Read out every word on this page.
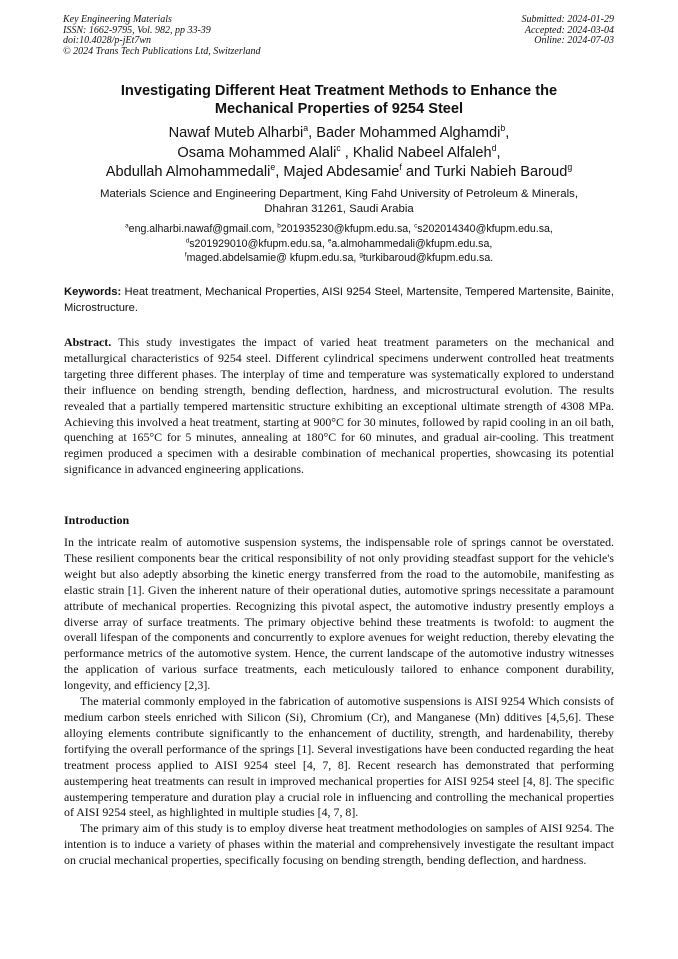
Key Engineering Materials
ISSN: 1662-9795, Vol. 982, pp 33-39
doi:10.4028/p-jEt7wn
© 2024 Trans Tech Publications Ltd, Switzerland
Submitted: 2024-01-29
Accepted: 2024-03-04
Online: 2024-07-03
Investigating Different Heat Treatment Methods to Enhance the
Mechanical Properties of 9254 Steel
Nawaf Muteb Alharbi$^a$, Bader Mohammed Alghamdi$^b$,
Osama Mohammed Alali$^c$ , Khalid Nabeel Alfaleh$^d$,
Abdullah Almohammedali$^e$, Majed Abdesamie$^f$ and Turki Nabieh Baroud$^g$
Materials Science and Engineering Department, King Fahd University of Petroleum & Minerals,
Dhahran 31261, Saudi Arabia
$^a$eng.alharbi.nawaf@gmail.com, $^b$201935230@kfupm.edu.sa, $^c$s202014340@kfupm.edu.sa,
$^d$s201929010@kfupm.edu.sa, $^e$a.almohammedali@kfupm.edu.sa,
$^f$maged.abdelsamie@ kfupm.edu.sa, $^g$turkibaroud@kfupm.edu.sa.
Keywords: Heat treatment, Mechanical Properties, AISI 9254 Steel, Martensite, Tempered Martensite, Bainite, Microstructure.
Abstract. This study investigates the impact of varied heat treatment parameters on the mechanical and metallurgical characteristics of 9254 steel. Different cylindrical specimens underwent controlled heat treatments targeting three different phases. The interplay of time and temperature was systematically explored to understand their influence on bending strength, bending deflection, hardness, and microstructural evolution. The results revealed that a partially tempered martensitic structure exhibiting an exceptional ultimate strength of 4308 MPa. Achieving this involved a heat treatment, starting at 900°C for 30 minutes, followed by rapid cooling in an oil bath, quenching at 165°C for 5 minutes, annealing at 180°C for 60 minutes, and gradual air-cooling. This treatment regimen produced a specimen with a desirable combination of mechanical properties, showcasing its potential significance in advanced engineering applications.
Introduction

In the intricate realm of automotive suspension systems, the indispensable role of springs cannot be overstated. These resilient components bear the critical responsibility of not only providing steadfast support for the vehicle's weight but also adeptly absorbing the kinetic energy transferred from the road to the automobile, manifesting as elastic strain [1]. Given the inherent nature of their operational duties, automotive springs necessitate a paramount attribute of mechanical properties. Recognizing this pivotal aspect, the automotive industry presently employs a diverse array of surface treatments. The primary objective behind these treatments is twofold: to augment the overall lifespan of the components and concurrently to explore avenues for weight reduction, thereby elevating the performance metrics of the automotive system. Hence, the current landscape of the automotive industry witnesses the application of various surface treatments, each meticulously tailored to enhance component durability, longevity, and efficiency [2,3].

The material commonly employed in the fabrication of automotive suspensions is AISI 9254 Which consists of medium carbon steels enriched with Silicon (Si), Chromium (Cr), and Manganese (Mn) dditives [4,5,6]. These alloying elements contribute significantly to the enhancement of ductility, strength, and hardenability, thereby fortifying the overall performance of the springs [1]. Several investigations have been conducted regarding the heat treatment process applied to AISI 9254 steel [4, 7, 8]. Recent research has demonstrated that performing austempering heat treatments can result in improved mechanical properties for AISI 9254 steel [4, 8]. The specific austempering temperature and duration play a crucial role in influencing and controlling the mechanical properties of AISI 9254 steel, as highlighted in multiple studies [4, 7, 8].

The primary aim of this study is to employ diverse heat treatment methodologies on samples of AISI 9254. The intention is to induce a variety of phases within the material and comprehensively investigate the resultant impact on crucial mechanical properties, specifically focusing on bending strength, bending deflection, and hardness.
